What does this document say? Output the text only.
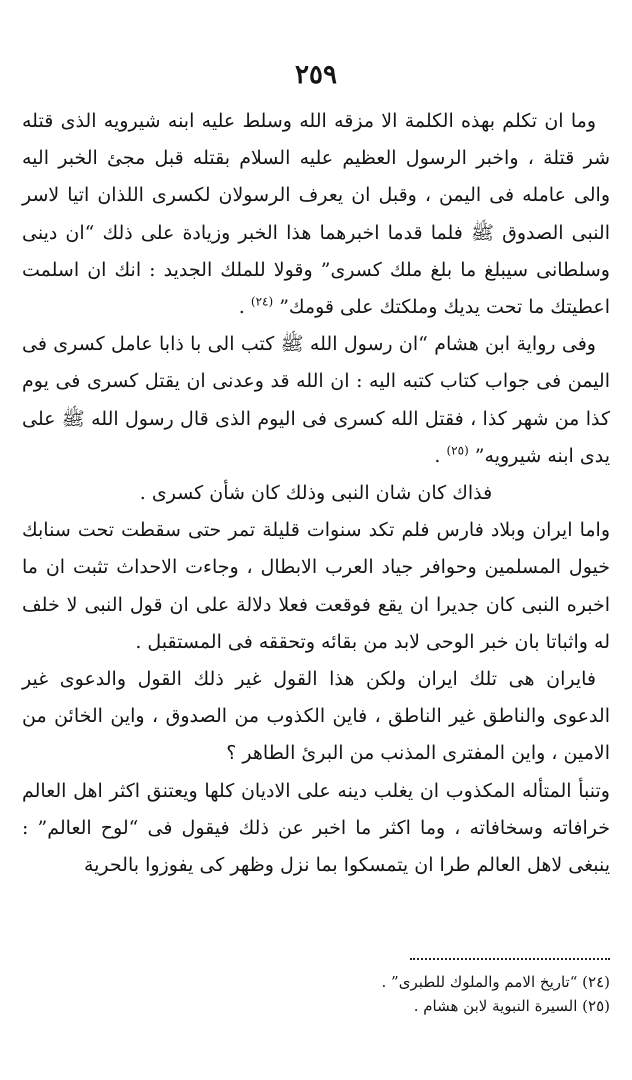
٢٥٩

وما ان تكلم بهذه الكلمة الا مزقه الله وسلط عليه ابنه شيرويه الذى قتله شر قتلة ، واخبر الرسول العظيم عليه السلام بقتله قبل مجئ الخبر اليه والى عامله فى اليمن ، وقبل ان يعرف الرسولان لكسرى اللذان اتيا لاسر النبى الصدوق ﷺ فلما قدما اخبرهما هذا الخبر وزيادة على ذلك “ان دينى وسلطانى سيبلغ ما بلغ ملك كسرى” وقولا للملك الجديد : انك ان اسلمت اعطيتك ما تحت يديك وملكتك على قومك” $^{(٢٤)}$ .

وفى رواية ابن هشام “ان رسول الله ﷺ كتب الى با ذابا عامل كسرى فى اليمن فى جواب كتاب كتبه اليه : ان الله قد وعدنى ان يقتل كسرى فى يوم كذا من شهر كذا ، فقتل الله كسرى فى اليوم الذى قال رسول الله ﷺ على يدى ابنه شيرويه” $^{(٢٥)}$ .

فذاك كان شان النبى وذلك كان شأن كسرى .

واما ايران وبلاد فارس فلم تكد سنوات قليلة تمر حتى سقطت تحت سنابك خيول المسلمين وحوافر جياد العرب الابطال ، وجاءت الاحداث تثبت ان ما اخبره النبى كان جديرا ان يقع فوقعت فعلا دلالة على ان قول النبى لا خلف له واثباتا بان خبر الوحى لابد من بقائه وتحققه فى المستقبل .

فايران هى تلك ايران ولكن هذا القول غير ذلك القول والدعوى غير الدعوى والناطق غير الناطق ، فاين الكذوب من الصدوق ، واين الخائن من الامين ، واين المفترى المذنب من البرئ الطاهر ؟

وتنبأ المتأله المكذوب ان يغلب دينه على الاديان كلها ويعتنق اكثر اهل العالم خرافاته وسخافاته ، وما اكثر ما اخبر عن ذلك فيقول فى “لوح العالم” : ينبغى لاهل العالم طرا ان يتمسكوا بما نزل وظهر كى يفوزوا بالحرية

(٢٤) “تاريخ الامم والملوك للطبرى” .
(٢٥) السيرة النبوية لابن هشام .
